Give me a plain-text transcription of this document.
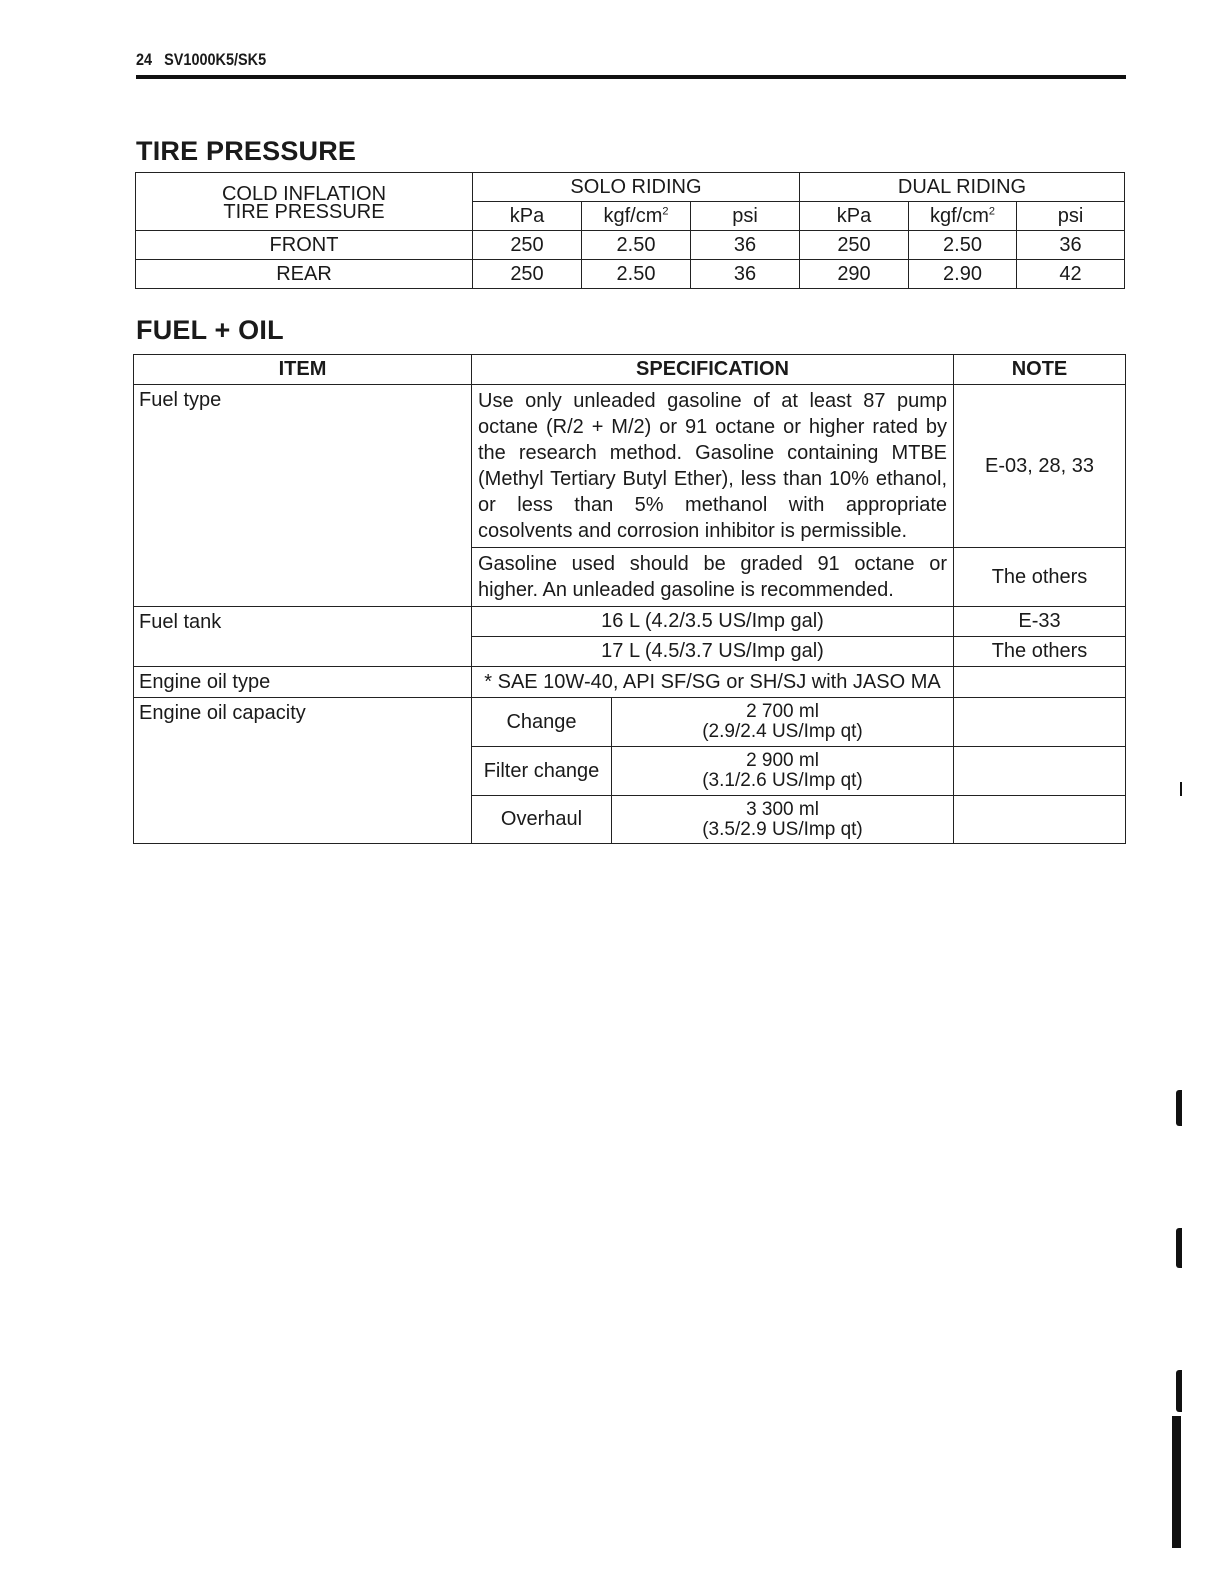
24 SV1000K5/SK5
TIRE PRESSURE
COLD INFLATION
TIRE PRESSURE	SOLO RIDING			DUAL RIDING		
	kPa	kgf/$cm^2$	psi	kPa	kgf/$cm^2$	psi
FRONT	250	2.50	36	250	2.50	36
REAR	250	2.50	36	290	2.90	42
FUEL + OIL
ITEM	SPECIFICATION		NOTE
Fuel type	Use only unleaded gasoline of at least 87 pump octane (R/2 + M/2) or 91 octane or higher rated by the research method. Gasoline containing MTBE (Methyl Tertiary Butyl Ether), less than 10% ethanol, or less than 5% methanol with appropriate cosolvents and corrosion inhibitor is permissible.		E-03, 28, 33
	Gasoline used should be graded 91 octane or higher. An unleaded gasoline is recommended.		The others
Fuel tank	16 L (4.2/3.5 US/Imp gal)		E-33
	17 L (4.5/3.7 US/Imp gal)		The others
Engine oil type	* SAE 10W-40, API SF/SG or SH/SJ with JASO MA		
Engine oil capacity	Change	2 700 ml
(2.9/2.4 US/Imp qt)	

	Filter change	2 900 ml
(3.1/2.6 US/Imp qt)	

	Overhaul	3 300 ml
(3.5/2.9 US/Imp qt)	
